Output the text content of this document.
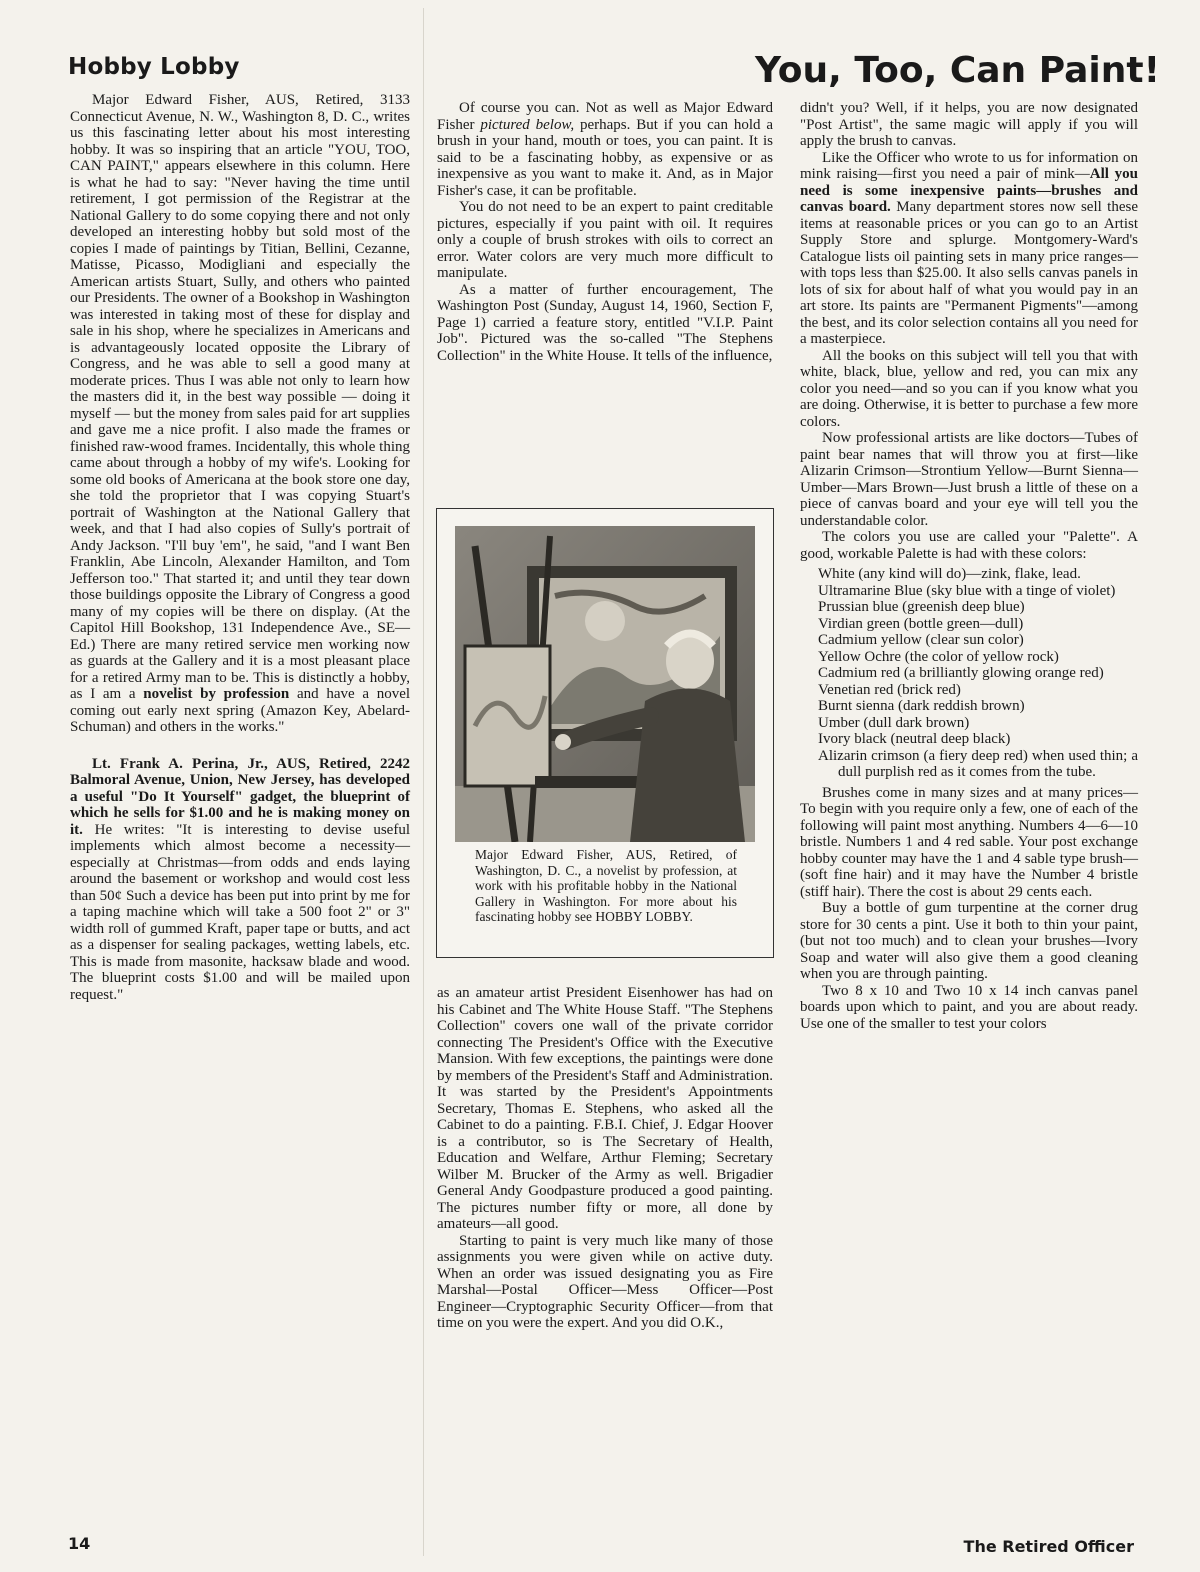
Hobby Lobby	You, Too, Can Paint!

Major Edward Fisher, AUS, Retired, 3133 Connecticut Avenue, N. W., Washington 8, D. C., writes us this fascinating letter about his most interesting hobby. It was so inspiring that an article "YOU, TOO, CAN PAINT," appears elsewhere in this column. Here is what he had to say: "Never having the time until retirement, I got permission of the Registrar at the National Gallery to do some copying there and not only developed an interesting hobby but sold most of the copies I made of paintings by Titian, Bellini, Cezanne, Matisse, Picasso, Modigliani and especially the American artists Stuart, Sully, and others who painted our Presidents. The owner of a Bookshop in Washington was interested in taking most of these for display and sale in his shop, where he specializes in Americans and is advantageously located opposite the Library of Congress, and he was able to sell a good many at moderate prices. Thus I was able not only to learn how the masters did it, in the best way possible — doing it myself — but the money from sales paid for art supplies and gave me a nice profit. I also made the frames or finished raw-wood frames. Incidentally, this whole thing came about through a hobby of my wife's. Looking for some old books of Americana at the book store one day, she told the proprietor that I was copying Stuart's portrait of Washington at the National Gallery that week, and that I had also copies of Sully's portrait of Andy Jackson. "I'll buy 'em", he said, "and I want Ben Franklin, Abe Lincoln, Alexander Hamilton, and Tom Jefferson too." That started it; and until they tear down those buildings opposite the Library of Congress a good many of my copies will be there on display. (At the Capitol Hill Bookshop, 131 Independence Ave., SE—Ed.) There are many retired service men working now as guards at the Gallery and it is a most pleasant place for a retired Army man to be. This is distinctly a hobby, as I am a novelist by profession and have a novel coming out early next spring (Amazon Key, Abelard-Schuman) and others in the works."

Lt. Frank A. Perina, Jr., AUS, Retired, 2242 Balmoral Avenue, Union, New Jersey, has developed a useful "Do It Yourself" gadget, the blueprint of which he sells for $1.00 and he is making money on it. He writes: "It is interesting to devise useful implements which almost become a necessity—especially at Christmas—from odds and ends laying around the basement or workshop and would cost less than 50¢ Such a device has been put into print by me for a taping machine which will take a 500 foot 2" or 3" width roll of gummed Kraft, paper tape or butts, and act as a dispenser for sealing packages, wetting labels, etc. This is made from masonite, hacksaw blade and wood. The blueprint costs $1.00 and will be mailed upon request."

Of course you can. Not as well as Major Edward Fisher pictured below, perhaps. But if you can hold a brush in your hand, mouth or toes, you can paint. It is said to be a fascinating hobby, as expensive or as inexpensive as you want to make it. And, as in Major Fisher's case, it can be profitable.

You do not need to be an expert to paint creditable pictures, especially if you paint with oil. It requires only a couple of brush strokes with oils to correct an error. Water colors are very much more difficult to manipulate.

As a matter of further encouragement, The Washington Post (Sunday, August 14, 1960, Section F, Page 1) carried a feature story, entitled "V.I.P. Paint Job". Pictured was the so-called "The Stephens Collection" in the White House. It tells of the influence,

Major Edward Fisher, AUS, Retired, of Washington, D. C., a novelist by profession, at work with his profitable hobby in the National Gallery in Washington. For more about his fascinating hobby see HOBBY LOBBY.

as an amateur artist President Eisenhower has had on his Cabinet and The White House Staff. "The Stephens Collection" covers one wall of the private corridor connecting The President's Office with the Executive Mansion. With few exceptions, the paintings were done by members of the President's Staff and Administration. It was started by the President's Appointments Secretary, Thomas E. Stephens, who asked all the Cabinet to do a painting. F.B.I. Chief, J. Edgar Hoover is a contributor, so is The Secretary of Health, Education and Welfare, Arthur Fleming; Secretary Wilber M. Brucker of the Army as well. Brigadier General Andy Goodpasture produced a good painting. The pictures number fifty or more, all done by amateurs—all good.

Starting to paint is very much like many of those assignments you were given while on active duty. When an order was issued designating you as Fire Marshal—Postal Officer—Mess Officer—Post Engineer—Cryptographic Security Officer—from that time on you were the expert. And you did O.K.,

didn't you? Well, if it helps, you are now designated "Post Artist", the same magic will apply if you will apply the brush to canvas.

Like the Officer who wrote to us for information on mink raising—first you need a pair of mink—All you need is some inexpensive paints—brushes and canvas board. Many department stores now sell these items at reasonable prices or you can go to an Artist Supply Store and splurge. Montgomery-Ward's Catalogue lists oil painting sets in many price ranges—with tops less than $25.00. It also sells canvas panels in lots of six for about half of what you would pay in an art store. Its paints are "Permanent Pigments"—among the best, and its color selection contains all you need for a masterpiece.

All the books on this subject will tell you that with white, black, blue, yellow and red, you can mix any color you need—and so you can if you know what you are doing. Otherwise, it is better to purchase a few more colors.

Now professional artists are like doctors—Tubes of paint bear names that will throw you at first—like Alizarin Crimson—Strontium Yellow—Burnt Sienna—Umber—Mars Brown—Just brush a little of these on a piece of canvas board and your eye will tell you the understandable color.

The colors you use are called your "Palette". A good, workable Palette is had with these colors:

White (any kind will do)—zink, flake, lead.
Ultramarine Blue (sky blue with a tinge of violet)
Prussian blue (greenish deep blue)
Virdian green (bottle green—dull)
Cadmium yellow (clear sun color)
Yellow Ochre (the color of yellow rock)
Cadmium red (a brilliantly glowing orange red)
Venetian red (brick red)
Burnt sienna (dark reddish brown)
Umber (dull dark brown)
Ivory black (neutral deep black)
Alizarin crimson (a fiery deep red) when used thin; a dull purplish red as it comes from the tube.

Brushes come in many sizes and at many prices—To begin with you require only a few, one of each of the following will paint most anything. Numbers 4—6—10 bristle. Numbers 1 and 4 red sable. Your post exchange hobby counter may have the 1 and 4 sable type brush—(soft fine hair) and it may have the Number 4 bristle (stiff hair). There the cost is about 29 cents each.

Buy a bottle of gum turpentine at the corner drug store for 30 cents a pint. Use it both to thin your paint, (but not too much) and to clean your brushes—Ivory Soap and water will also give them a good cleaning when you are through painting.

Two 8 x 10 and Two 10 x 14 inch canvas panel boards upon which to paint, and you are about ready. Use one of the smaller to test your colors

14	The Retired Officer
